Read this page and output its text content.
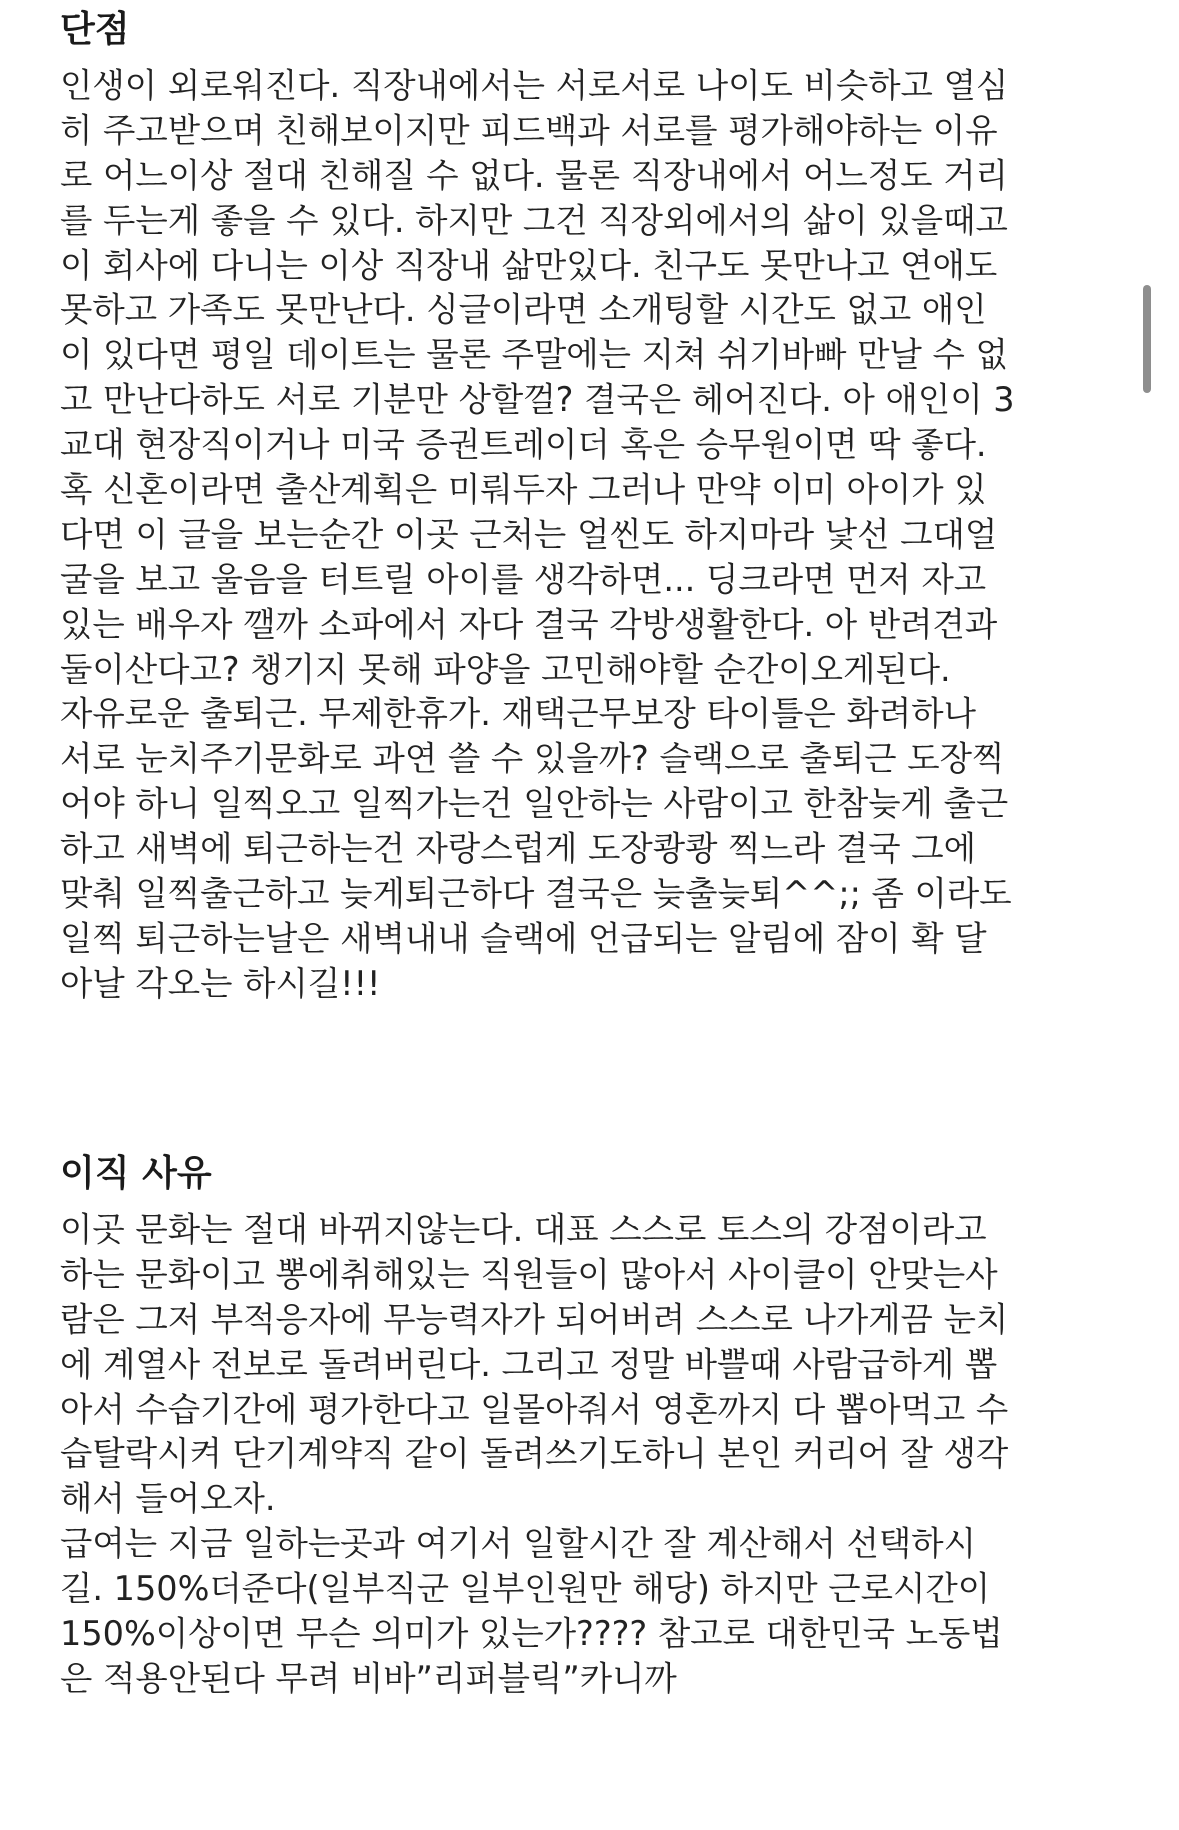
단점
인생이 외로워진다. 직장내에서는 서로서로 나이도 비슷하고 열심
히 주고받으며 친해보이지만 피드백과 서로를 평가해야하는 이유
로 어느이상 절대 친해질 수 없다. 물론 직장내에서 어느정도 거리
를 두는게 좋을 수 있다. 하지만 그건 직장외에서의 삶이 있을때고
이 회사에 다니는 이상 직장내 삶만있다. 친구도 못만나고 연애도
못하고 가족도 못만난다. 싱글이라면 소개팅할 시간도 없고 애인
이 있다면 평일 데이트는 물론 주말에는 지쳐 쉬기바빠 만날 수 없
고 만난다하도 서로 기분만 상할껄? 결국은 헤어진다. 아 애인이 3
교대 현장직이거나 미국 증권트레이더 혹은 승무원이면 딱 좋다.
혹 신혼이라면 출산계획은 미뤄두자 그러나 만약 이미 아이가 있
다면 이 글을 보는순간 이곳 근처는 얼씬도 하지마라 낯선 그대얼
굴을 보고 울음을 터트릴 아이를 생각하면... 딩크라면 먼저 자고
있는 배우자 깰까 소파에서 자다 결국 각방생활한다. 아 반려견과
둘이산다고? 챙기지 못해 파양을 고민해야할 순간이오게된다.
자유로운 출퇴근. 무제한휴가. 재택근무보장 타이틀은 화려하나
서로 눈치주기문화로 과연 쓸 수 있을까? 슬랙으로 출퇴근 도장찍
어야 하니 일찍오고 일찍가는건 일안하는 사람이고 한참늦게 출근
하고 새벽에 퇴근하는건 자랑스럽게 도장쾅쾅 찍느라 결국 그에
맞춰 일찍출근하고 늦게퇴근하다 결국은 늦출늦퇴^^;; 좀 이라도
일찍 퇴근하는날은 새벽내내 슬랙에 언급되는 알림에 잠이 확 달
아날 각오는 하시길!!!
이직 사유
이곳 문화는 절대 바뀌지않는다. 대표 스스로 토스의 강점이라고
하는 문화이고 뽕에취해있는 직원들이 많아서 사이클이 안맞는사
람은 그저 부적응자에 무능력자가 되어버려 스스로 나가게끔 눈치
에 계열사 전보로 돌려버린다. 그리고 정말 바쁠때 사람급하게 뽑
아서 수습기간에 평가한다고 일몰아줘서 영혼까지 다 뽑아먹고 수
습탈락시켜 단기계약직 같이 돌려쓰기도하니 본인 커리어 잘 생각
해서 들어오자.
급여는 지금 일하는곳과 여기서 일할시간 잘 계산해서 선택하시
길. 150%더준다(일부직군 일부인원만 해당) 하지만 근로시간이
150%이상이면 무슨 의미가 있는가???? 참고로 대한민국 노동법
은 적용안된다 무려 비바”리퍼블릭”카니까
